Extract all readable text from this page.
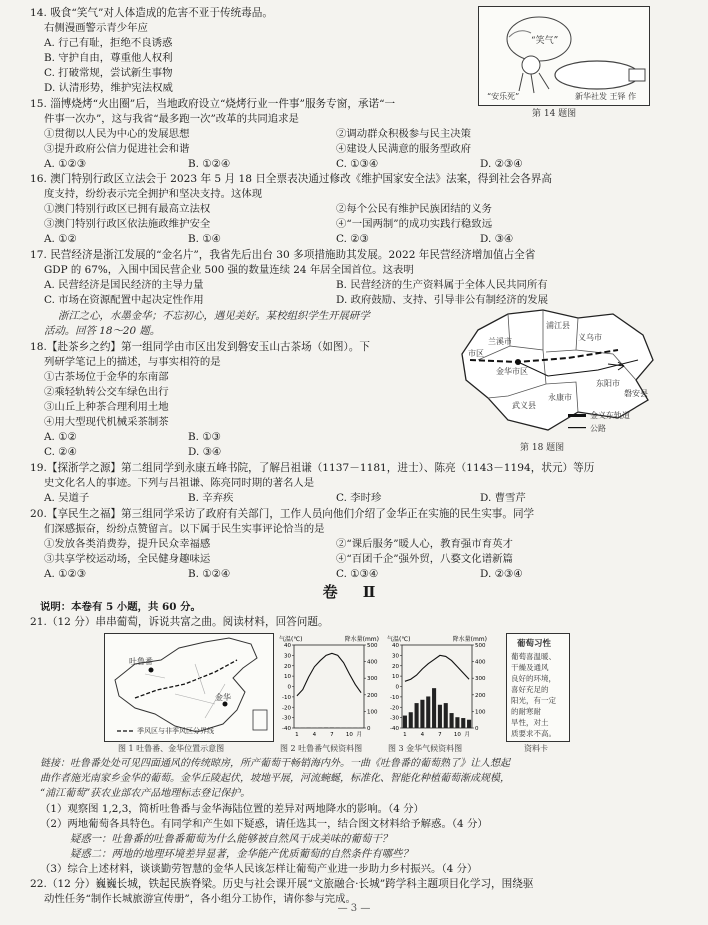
14. 吸食“笑气”对人体造成的危害不亚于传统毒品。
右侧漫画警示青少年应
A. 行己有耻，拒绝不良诱惑
B. 守护自由，尊重他人权利
C. 打破常规，尝试新生事物
D. 认清形势，维护宪法权威
“笑气”
“安乐死”	新华社发 王铎 作
第 14 题图
15. 淄博烧烤“火出圈”后，当地政府设立“烧烤行业一件事”服务专窗，承诺“一
件事一次办”，这与我省“最多跑一次”改革的共同追求是
①贯彻以人民为中心的发展思想	②调动群众积极参与民主决策
③提升政府公信力促进社会和谐	④建设人民满意的服务型政府
A. ①②③	B. ①②④	C. ①③④	D. ②③④
16. 澳门特别行政区立法会于 2023 年 5 月 18 日全票表决通过修改《维护国家安全法》法案，得到社会各界高
度支持，纷纷表示完全拥护和坚决支持。这体现
①澳门特别行政区已拥有最高立法权	②每个公民有维护民族团结的义务
③澳门特别行政区依法施政维护安全	④“一国两制”的成功实践行稳致远
A. ①②	B. ①④	C. ②③	D. ③④
17. 民营经济是浙江发展的“金名片”，我省先后出台 30 多项措施助其发展。2022 年民营经济增加值占全省
GDP 的 67%，入围中国民营企业 500 强的数量连续 24 年居全国首位。这表明
A. 民营经济是国民经济的主导力量	B. 民营经济的生产资料属于全体人民共同所有
C. 市场在资源配置中起决定性作用	D. 政府鼓励、支持、引导非公有制经济的发展
浙江之心，水墨金华；不忘初心，遇见美好。某校组织学生开展研学
活动。回答 18～20 题。
18.【赴茶乡之约】第一组同学由市区出发到磐安玉山古茶场（如图）。下
列研学笔记上的描述，与事实相符的是
①古茶场位于金华的东南部
②乘轻轨转公交车绿色出行
③山丘上种茶合理利用土地
④用大型现代机械采茶制茶
A. ①②	B. ①③
C. ②④	D. ③④
兰溪市
浦江县
义乌市
东阳市
金华市区
武义县
永康市	磐安县
市区
金义东轨道
公路
第 18 题图
19.【探浙学之源】第二组同学到永康五峰书院，了解吕祖谦（1137－1181，进士）、陈亮（1143－1194，状元）等历
史文化名人的事迹。下列与吕祖谦、陈亮同时期的著名人是
A. 吴道子	B. 辛弃疾	C. 李时珍	D. 曹雪芹
20.【享民生之福】第三组同学采访了政府有关部门，工作人员向他们介绍了金华正在实施的民生实事。同学
们深感振奋，纷纷点赞留言。以下属于民生实事评论恰当的是
①发放各类消费券，提升民众幸福感	②“课后服务”暖人心，教育强市育英才
③共享学校运动场，全民健身趣味运	④“百团千企”强外贸，八婺文化谱新篇
A. ①②③	B. ①②④	C. ①③④	D. ②③④
卷 Ⅱ
说明：本卷有 5 小题，共 60 分。
21.（12 分）串串葡萄，诉说共富之曲。阅读材料，回答问题。
吐鲁番
金华
季风区与非季风区分界线
图 1 吐鲁番、金华位置示意图
气温(℃)	降水量(mm)
40
30
20
10
0
-10
-20
-30
-40
500
400
300
200
100
0
1	4	7 10 月
图 2 吐鲁番气候资料图
气温(℃)	降水量(mm)
40
30
20
10
0
-10
-20
-30
-40
500
400
300
200
100
0
1	4	7 10 月
图 3 金华气候资料图
葡萄习性
葡萄喜温暖、
干燥及通风
良好的环境，
喜好充足的
阳光，有一定
的耐寒耐
旱性，对土
质要求不高。
资料卡
链接：吐鲁番处处可见四面通风的传统晾房，所产葡萄干畅销海内外。一曲《吐鲁番的葡萄熟了》让人想起
曲作者施光南家乡金华的葡萄。金华丘陵起伏，坡地平展，河流蜿蜒，标准化、智能化种植葡萄渐成规模，
“浦江葡萄”获农业部农产品地理标志登记保护。
（1）观察图 1,2,3，简析吐鲁番与金华海陆位置的差异对两地降水的影响。（4 分）
（2）两地葡萄各具特色。有同学和产生如下疑惑，请任选其一，结合图文材料给予解惑。（4 分）
疑惑一：吐鲁番的吐鲁番葡萄为什么能够被自然风干成美味的葡萄干？
疑惑二：两地的地理环境差异显著，金华能产优质葡萄的自然条件有哪些？
（3）综合上述材料，谈谈勤劳智慧的金华人民该怎样让葡萄产业进一步助力乡村振兴。（4 分）
22.（12 分）巍巍长城，铁起民族脊梁。历史与社会课开展“文旅融合·长城”跨学科主题项目化学习，围绕驱
动性任务“制作长城旅游宣传册”，各小组分工协作，请你参与完成。
— 3 —
